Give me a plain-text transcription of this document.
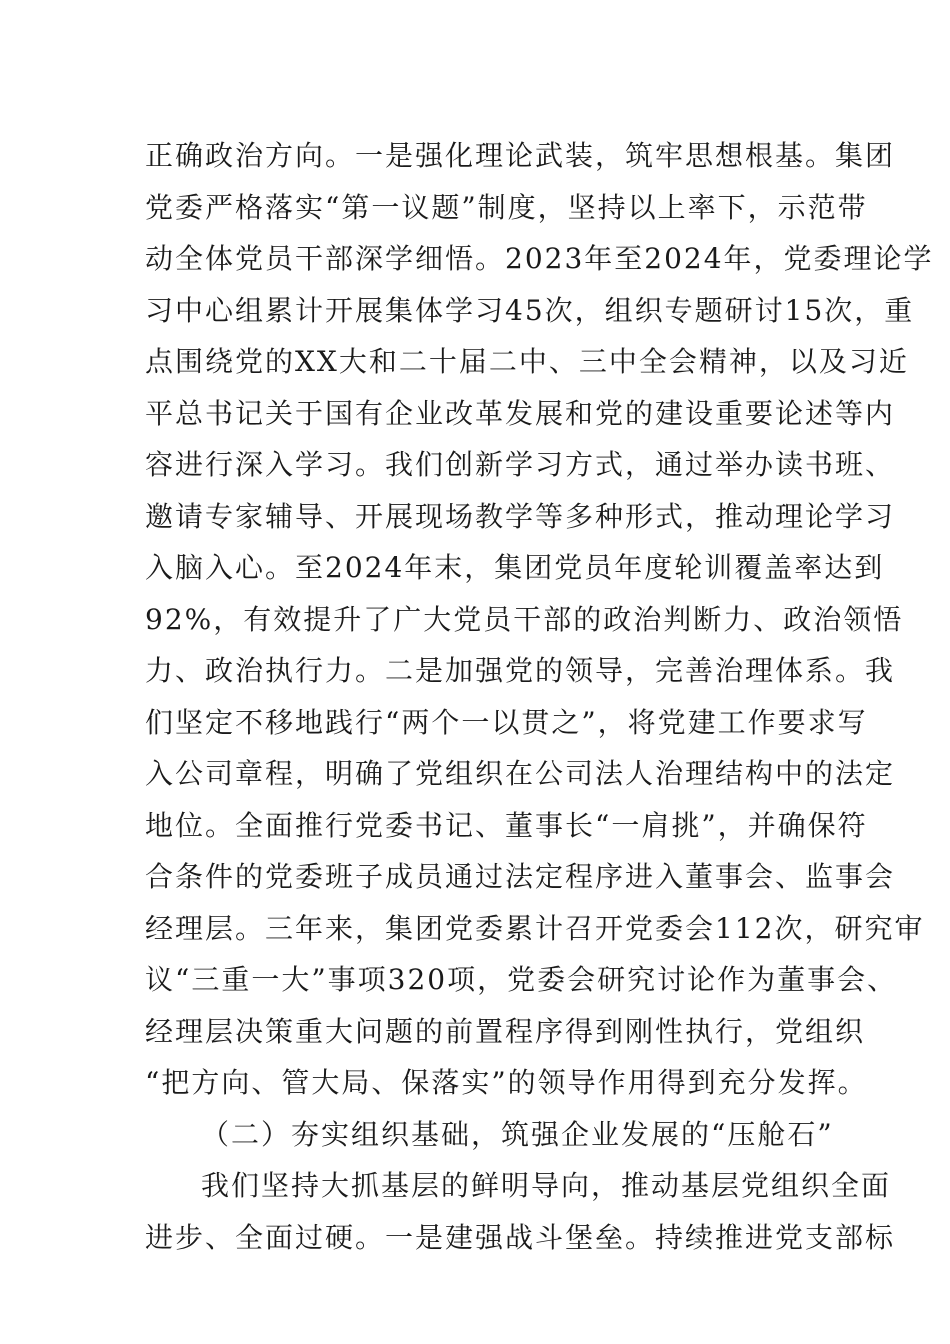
正确政治方向。一是强化理论武装，筑牢思想根基。集团
党委严格落实“第一议题”制度，坚持以上率下，示范带
动全体党员干部深学细悟。2023年至2024年，党委理论学
习中心组累计开展集体学习45次，组织专题研讨15次，重
点围绕党的XX大和二十届二中、三中全会精神，以及习近
平总书记关于国有企业改革发展和党的建设重要论述等内
容进行深入学习。我们创新学习方式，通过举办读书班、
邀请专家辅导、开展现场教学等多种形式，推动理论学习
入脑入心。至2024年末，集团党员年度轮训覆盖率达到
92%，有效提升了广大党员干部的政治判断力、政治领悟
力、政治执行力。二是加强党的领导，完善治理体系。我
们坚定不移地践行“两个一以贯之”，将党建工作要求写
入公司章程，明确了党组织在公司法人治理结构中的法定
地位。全面推行党委书记、董事长“一肩挑”，并确保符
合条件的党委班子成员通过法定程序进入董事会、监事会
经理层。三年来，集团党委累计召开党委会112次，研究审
议“三重一大”事项320项，党委会研究讨论作为董事会、
经理层决策重大问题的前置程序得到刚性执行，党组织
“把方向、管大局、保落实”的领导作用得到充分发挥。
（二）夯实组织基础，筑强企业发展的“压舱石”
我们坚持大抓基层的鲜明导向，推动基层党组织全面
进步、全面过硬。一是建强战斗堡垒。持续推进党支部标
